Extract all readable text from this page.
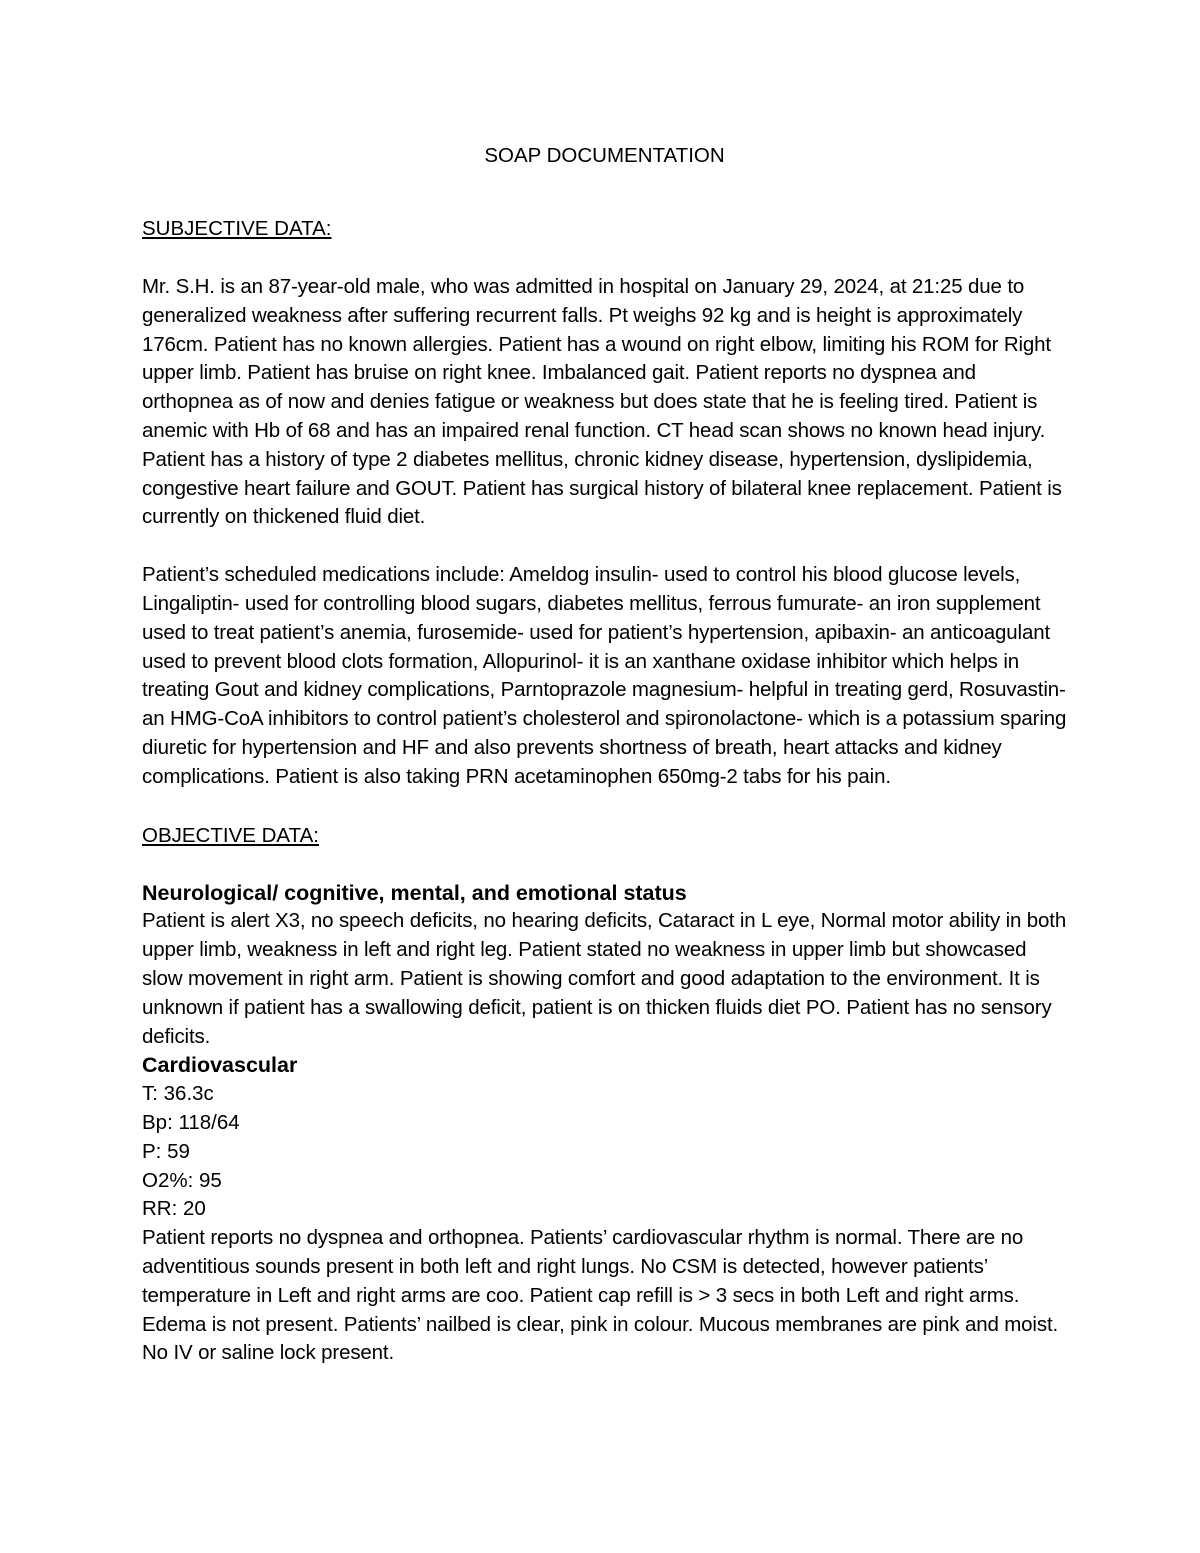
SOAP DOCUMENTATION
SUBJECTIVE DATA:

Mr. S.H. is an 87-year-old male, who was admitted in hospital on January 29, 2024, at 21:25 due to generalized weakness after suffering recurrent falls. Pt weighs 92 kg and is height is approximately 176cm. Patient has no known allergies. Patient has a wound on right elbow, limiting his ROM for Right upper limb. Patient has bruise on right knee. Imbalanced gait. Patient reports no dyspnea and orthopnea as of now and denies fatigue or weakness but does state that he is feeling tired. Patient is anemic with Hb of 68 and has an impaired renal function. CT head scan shows no known head injury. Patient has a history of type 2 diabetes mellitus, chronic kidney disease, hypertension, dyslipidemia, congestive heart failure and GOUT. Patient has surgical history of bilateral knee replacement. Patient is currently on thickened fluid diet.

Patient’s scheduled medications include: Ameldog insulin- used to control his blood glucose levels, Lingaliptin- used for controlling blood sugars, diabetes mellitus, ferrous fumurate- an iron supplement used to treat patient’s anemia, furosemide- used for patient’s hypertension, apibaxin- an anticoagulant used to prevent blood clots formation, Allopurinol- it is an xanthane oxidase inhibitor which helps in treating Gout and kidney complications, Parntoprazole magnesium- helpful in treating gerd, Rosuvastin- an HMG-CoA inhibitors to control patient’s cholesterol and spironolactone- which is a potassium sparing diuretic for hypertension and HF and also prevents shortness of breath, heart attacks and kidney complications. Patient is also taking PRN acetaminophen 650mg-2 tabs for his pain.

OBJECTIVE DATA:
Neurological/ cognitive, mental, and emotional status

Patient is alert X3, no speech deficits, no hearing deficits, Cataract in L eye, Normal motor ability in both upper limb, weakness in left and right leg. Patient stated no weakness in upper limb but showcased slow movement in right arm. Patient is showing comfort and good adaptation to the environment. It is unknown if patient has a swallowing deficit, patient is on thicken fluids diet PO. Patient has no sensory deficits.

Cardiovascular
T: 36.3c
Bp: 118/64
P: 59
O2%: 95
RR: 20

Patient reports no dyspnea and orthopnea. Patients’ cardiovascular rhythm is normal. There are no adventitious sounds present in both left and right lungs. No CSM is detected, however patients’ temperature in Left and right arms are coo. Patient cap refill is > 3 secs in both Left and right arms. Edema is not present. Patients’ nailbed is clear, pink in colour. Mucous membranes are pink and moist. No IV or saline lock present.
